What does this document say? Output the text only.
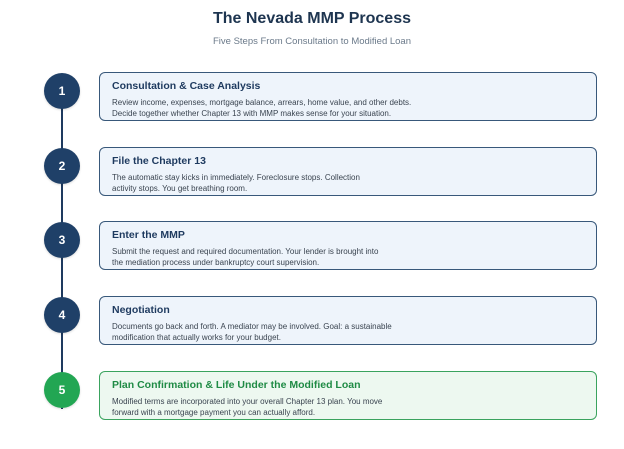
The Nevada MMP Process
Five Steps From Consultation to Modified Loan
1	Consultation & Case Analysis
Review income, expenses, mortgage balance, arrears, home value, and other debts.
Decide together whether Chapter 13 with MMP makes sense for your situation.
2	File the Chapter 13
The automatic stay kicks in immediately. Foreclosure stops. Collection
activity stops. You get breathing room.
3	Enter the MMP
Submit the request and required documentation. Your lender is brought into
the mediation process under bankruptcy court supervision.
4	Negotiation
Documents go back and forth. A mediator may be involved. Goal: a sustainable
modification that actually works for your budget.
5	Plan Confirmation & Life Under the Modified Loan
Modified terms are incorporated into your overall Chapter 13 plan. You move
forward with a mortgage payment you can actually afford.
